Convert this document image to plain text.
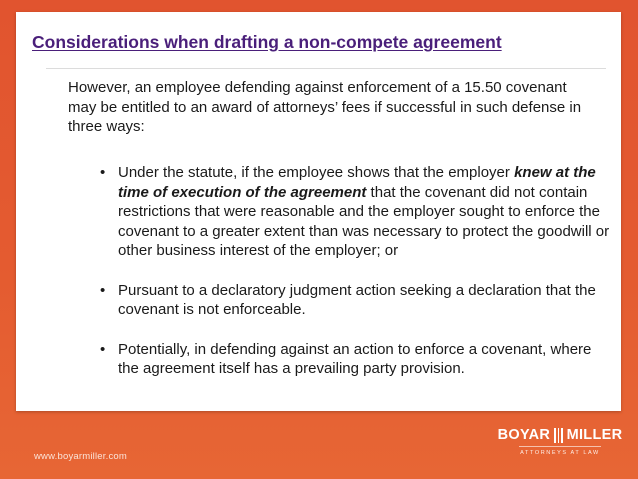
Considerations when drafting a non-compete agreement
However, an employee defending against enforcement of a 15.50 covenant may be entitled to an award of attorneys’ fees if successful in such defense in three ways:
• Under the statute, if the employee shows that the employer knew at the time of execution of the agreement that the covenant did not contain restrictions that were reasonable and the employer sought to enforce the covenant to a greater extent than was necessary to protect the goodwill or other business interest of the employer; or
• Pursuant to a declaratory judgment action seeking a declaration that the covenant is not enforceable.
• Potentially, in defending against an action to enforce a covenant, where the agreement itself has a prevailing party provision.
www.boyarmiller.com
BOYAR MILLER
ATTORNEYS AT LAW
